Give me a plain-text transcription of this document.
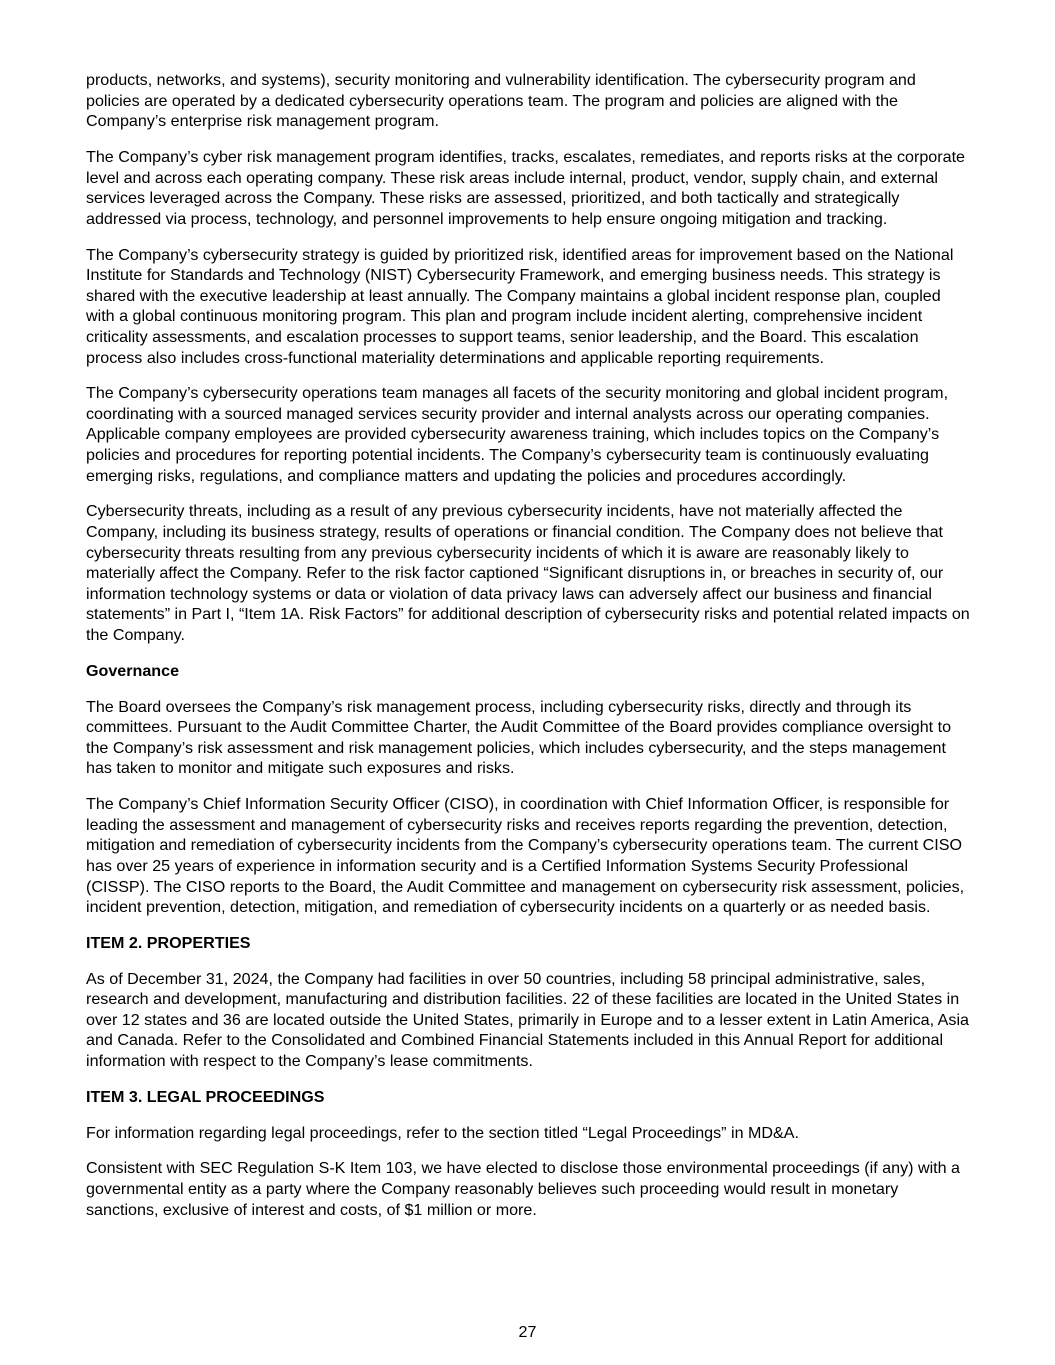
products, networks, and systems), security monitoring and vulnerability identification. The cybersecurity program and policies are operated by a dedicated cybersecurity operations team. The program and policies are aligned with the Company’s enterprise risk management program.

The Company’s cyber risk management program identifies, tracks, escalates, remediates, and reports risks at the corporate level and across each operating company. These risk areas include internal, product, vendor, supply chain, and external services leveraged across the Company. These risks are assessed, prioritized, and both tactically and strategically addressed via process, technology, and personnel improvements to help ensure ongoing mitigation and tracking.

The Company’s cybersecurity strategy is guided by prioritized risk, identified areas for improvement based on the National Institute for Standards and Technology (NIST) Cybersecurity Framework, and emerging business needs. This strategy is shared with the executive leadership at least annually. The Company maintains a global incident response plan, coupled with a global continuous monitoring program. This plan and program include incident alerting, comprehensive incident criticality assessments, and escalation processes to support teams, senior leadership, and the Board. This escalation process also includes cross-functional materiality determinations and applicable reporting requirements.

The Company’s cybersecurity operations team manages all facets of the security monitoring and global incident program, coordinating with a sourced managed services security provider and internal analysts across our operating companies. Applicable company employees are provided cybersecurity awareness training, which includes topics on the Company’s policies and procedures for reporting potential incidents. The Company’s cybersecurity team is continuously evaluating emerging risks, regulations, and compliance matters and updating the policies and procedures accordingly.

Cybersecurity threats, including as a result of any previous cybersecurity incidents, have not materially affected the Company, including its business strategy, results of operations or financial condition. The Company does not believe that cybersecurity threats resulting from any previous cybersecurity incidents of which it is aware are reasonably likely to materially affect the Company. Refer to the risk factor captioned “Significant disruptions in, or breaches in security of, our information technology systems or data or violation of data privacy laws can adversely affect our business and financial statements” in Part I, “Item 1A. Risk Factors” for additional description of cybersecurity risks and potential related impacts on the Company.

Governance

The Board oversees the Company’s risk management process, including cybersecurity risks, directly and through its committees. Pursuant to the Audit Committee Charter, the Audit Committee of the Board provides compliance oversight to the Company’s risk assessment and risk management policies, which includes cybersecurity, and the steps management has taken to monitor and mitigate such exposures and risks.

The Company’s Chief Information Security Officer (CISO), in coordination with Chief Information Officer, is responsible for leading the assessment and management of cybersecurity risks and receives reports regarding the prevention, detection, mitigation and remediation of cybersecurity incidents from the Company’s cybersecurity operations team. The current CISO has over 25 years of experience in information security and is a Certified Information Systems Security Professional (CISSP). The CISO reports to the Board, the Audit Committee and management on cybersecurity risk assessment, policies, incident prevention, detection, mitigation, and remediation of cybersecurity incidents on a quarterly or as needed basis.

ITEM 2. PROPERTIES

As of December 31, 2024, the Company had facilities in over 50 countries, including 58 principal administrative, sales, research and development, manufacturing and distribution facilities. 22 of these facilities are located in the United States in over 12 states and 36 are located outside the United States, primarily in Europe and to a lesser extent in Latin America, Asia and Canada. Refer to the Consolidated and Combined Financial Statements included in this Annual Report for additional information with respect to the Company’s lease commitments.

ITEM 3. LEGAL PROCEEDINGS

For information regarding legal proceedings, refer to the section titled “Legal Proceedings” in MD&A.

Consistent with SEC Regulation S-K Item 103, we have elected to disclose those environmental proceedings (if any) with a governmental entity as a party where the Company reasonably believes such proceeding would result in monetary sanctions, exclusive of interest and costs, of $1 million or more.

27
